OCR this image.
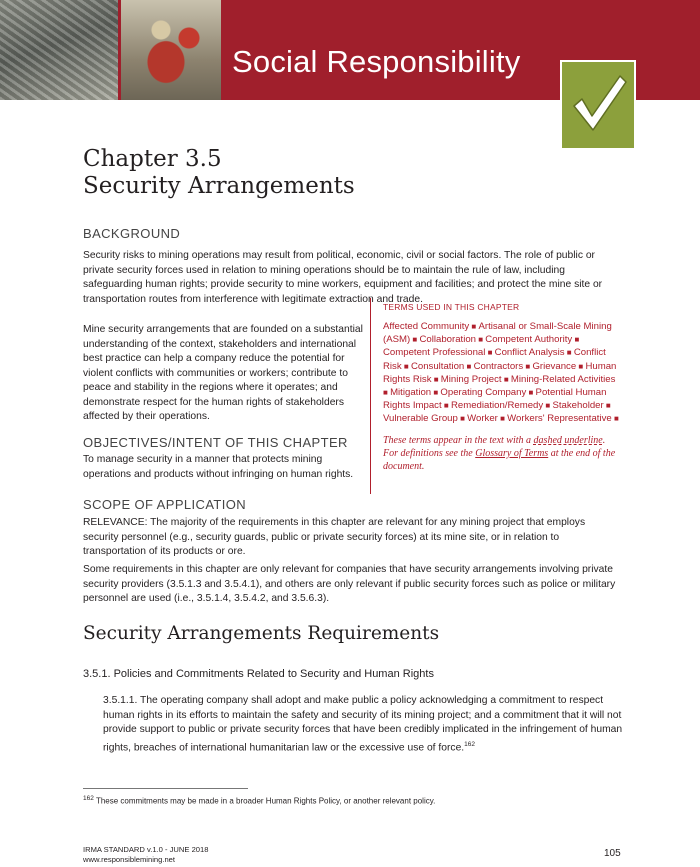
Social Responsibility
Chapter 3.5
Security Arrangements
BACKGROUND

Security risks to mining operations may result from political, economic, civil or social factors. The role of public or private security forces used in relation to mining operations should be to maintain the rule of law, including safeguarding human rights; provide security to mine workers, equipment and facilities; and protect the mine site or transportation routes from interference with legitimate extraction and trade.

Mine security arrangements that are founded on a substantial understanding of the context, stakeholders and international best practice can help a company reduce the potential for violent conflicts with communities or workers; contribute to peace and stability in the regions where it operates; and demonstrate respect for the human rights of stakeholders affected by their operations.

OBJECTIVES/INTENT OF THIS CHAPTER

To manage security in a manner that protects mining operations and products without infringing on human rights.

TERMS USED IN THIS CHAPTER

Affected Community ■ Artisanal or Small-Scale Mining (ASM) ■ Collaboration ■ Competent Authority ■ Competent Professional ■ Conflict Analysis ■ Conflict Risk ■ Consultation ■ Contractors ■ Grievance ■ Human Rights Risk ■ Mining Project ■ Mining-Related Activities ■ Mitigation ■ Operating Company ■ Potential Human Rights Impact ■ Remediation/Remedy ■ Stakeholder ■ Vulnerable Group ■ Worker ■ Workers' Representative ■

These terms appear in the text with a dashed underline. For definitions see the Glossary of Terms at the end of the document.
SCOPE OF APPLICATION

RELEVANCE: The majority of the requirements in this chapter are relevant for any mining project that employs security personnel (e.g., security guards, public or private security forces) at its mine site, or in relation to transportation of its products or ore.

Some requirements in this chapter are only relevant for companies that have security arrangements involving private security providers (3.5.1.3 and 3.5.4.1), and others are only relevant if public security forces such as police or military personnel are used (i.e., 3.5.1.4, 3.5.4.2, and 3.5.6.3).

Security Arrangements Requirements
3.5.1. Policies and Commitments Related to Security and Human Rights

3.5.1.1. The operating company shall adopt and make public a policy acknowledging a commitment to respect human rights in its efforts to maintain the safety and security of its mining project; and a commitment that it will not provide support to public or private security forces that have been credibly implicated in the infringement of human rights, breaches of international humanitarian law or the excessive use of force.$^{162}$

$^{162}$ These commitments may be made in a broader Human Rights Policy, or another relevant policy.
IRMA STANDARD v.1.0 - JUNE 2018
www.responsiblemining.net
105
